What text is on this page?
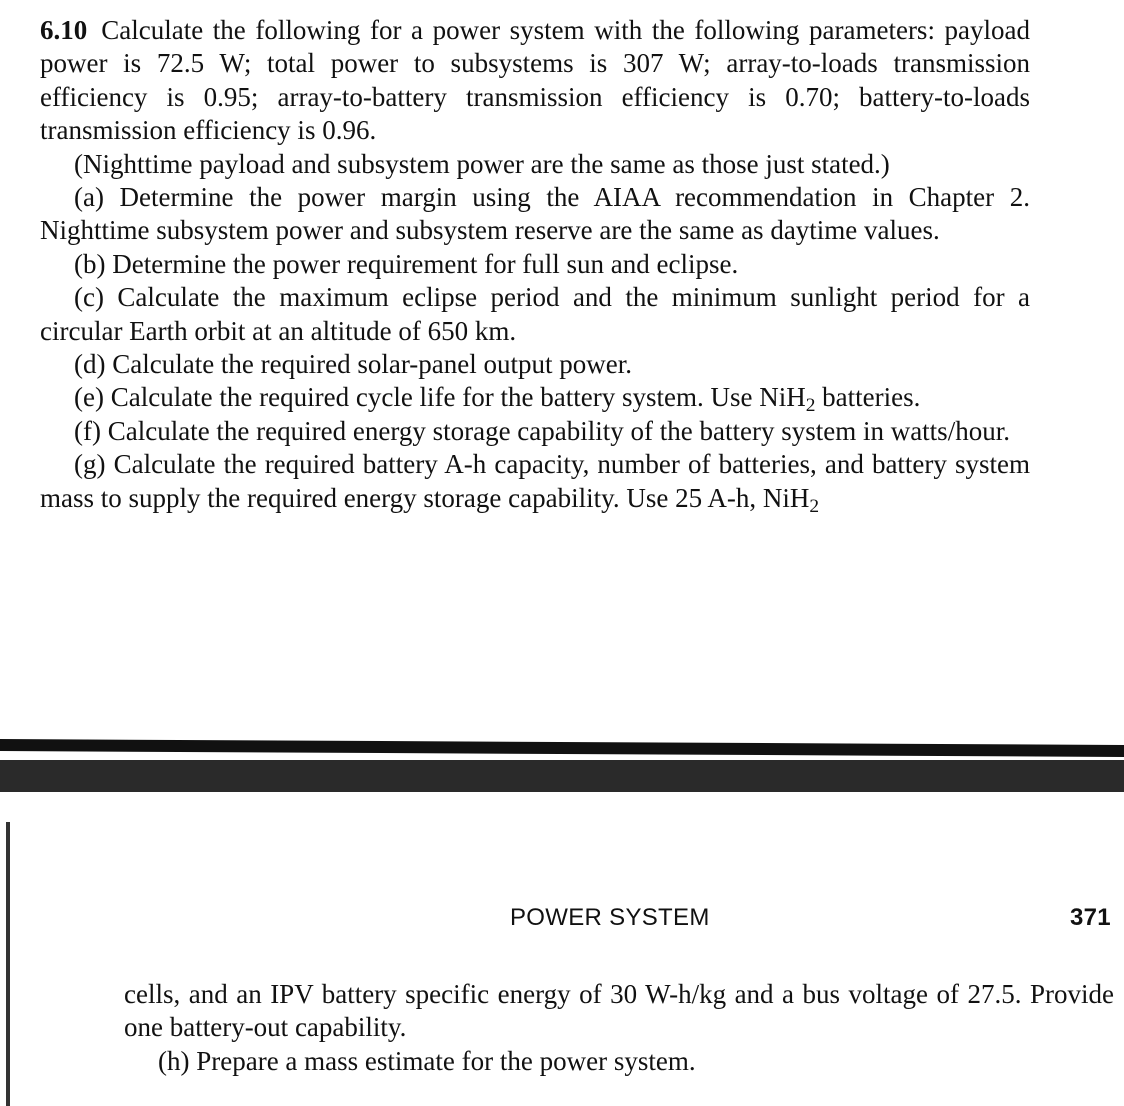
6.10 Calculate the following for a power system with the following parameters: payload power is 72.5 W; total power to subsystems is 307 W; array-to-loads transmission efficiency is 0.95; array-to-battery transmission efficiency is 0.70; battery-to-loads transmission efficiency is 0.96.

(Nighttime payload and subsystem power are the same as those just stated.)

(a) Determine the power margin using the AIAA recommendation in Chapter 2. Nighttime subsystem power and subsystem reserve are the same as daytime values.

(b) Determine the power requirement for full sun and eclipse.

(c) Calculate the maximum eclipse period and the minimum sunlight period for a circular Earth orbit at an altitude of 650 km.

(d) Calculate the required solar-panel output power.

(e) Calculate the required cycle life for the battery system. Use NiH$_2$ batteries.

(f) Calculate the required energy storage capability of the battery system in watts/hour.

(g) Calculate the required battery A-h capacity, number of batteries, and battery system mass to supply the required energy storage capability. Use 25 A-h, NiH$_2$

POWER SYSTEM	371

cells, and an IPV battery specific energy of 30 W-h/kg and a bus voltage of 27.5. Provide one battery-out capability.

(h) Prepare a mass estimate for the power system.
